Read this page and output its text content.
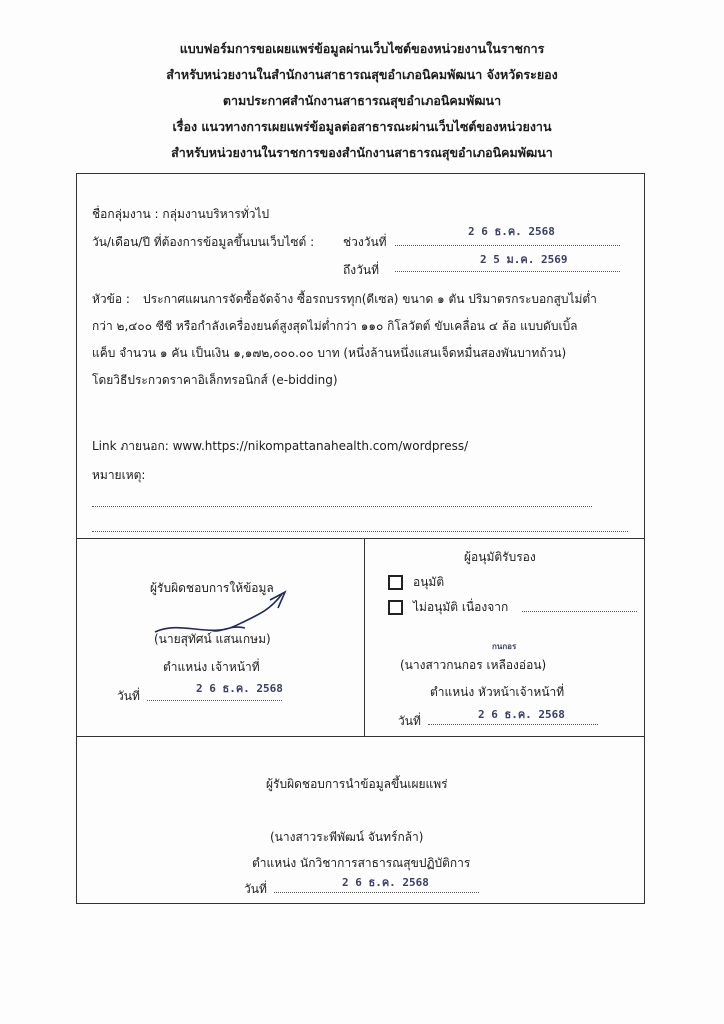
แบบฟอร์มการขอเผยแพร่ข้อมูลผ่านเว็บไซต์ของหน่วยงานในราชการ
สำหรับหน่วยงานในสำนักงานสาธารณสุขอำเภอนิคมพัฒนา จังหวัดระยอง
ตามประกาศสำนักงานสาธารณสุขอำเภอนิคมพัฒนา
เรื่อง แนวทางการเผยแพร่ข้อมูลต่อสาธารณะผ่านเว็บไซต์ของหน่วยงาน
สำหรับหน่วยงานในราชการของสำนักงานสาธารณสุขอำเภอนิคมพัฒนา
ชื่อกลุ่มงาน : กลุ่มงานบริหารทั่วไป
วัน/เดือน/ปี ที่ต้องการข้อมูลขึ้นบนเว็บไซต์ : ช่วงวันที่
2 6 ธ.ค. 2568
ถึงวันที่
2 5 ม.ค. 2569
หัวข้อ : ประกาศแผนการจัดซื้อจัดจ้าง ซื้อรถบรรทุก(ดีเซล) ขนาด ๑ ตัน ปริมาตรกระบอกสูบไม่ต่ำ
กว่า ๒,๔๐๐ ซีซี หรือกำลังเครื่องยนต์สูงสุดไม่ต่ำกว่า ๑๑๐ กิโลวัตต์ ขับเคลื่อน ๔ ล้อ แบบดับเบิ้ล
แค็บ จำนวน ๑ คัน เป็นเงิน ๑,๑๗๒,๐๐๐.๐๐ บาท (หนึ่งล้านหนึ่งแสนเจ็ดหมื่นสองพันบาทถ้วน)
โดยวิธีประกวดราคาอิเล็กทรอนิกส์ (e-bidding)
Link ภายนอก: www.https://nikompattanahealth.com/wordpress/
หมายเหตุ:
ผู้รับผิดชอบการให้ข้อมูล
(นายสุทัศน์ แสนเกษม)
ตำแหน่ง เจ้าหน้าที่
วันที่
2 6 ธ.ค. 2568
ผู้อนุมัติรับรอง
อนุมัติ
ไม่อนุมัติ เนื่องจาก
กนกอร
(นางสาวกนกอร เหลืองอ่อน)
ตำแหน่ง หัวหน้าเจ้าหน้าที่
วันที่	2 6 ธ.ค. 2568
ผู้รับผิดชอบการนำข้อมูลขึ้นเผยแพร่
(นางสาวระพีพัฒน์ จันทร์กล้า)
ตำแหน่ง นักวิชาการสาธารณสุขปฏิบัติการ
วันที่	2 6 ธ.ค. 2568
